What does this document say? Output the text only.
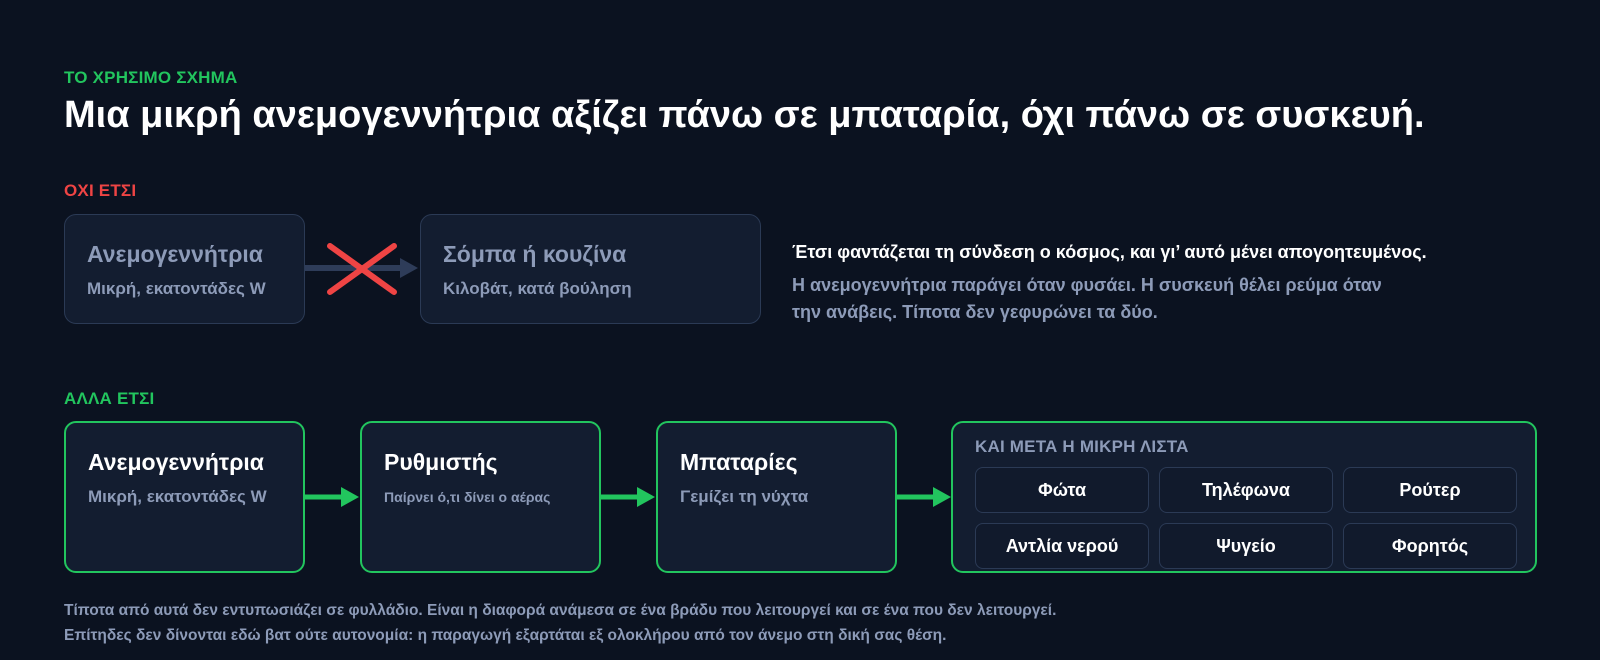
ΤΟ ΧΡΗΣΙΜΟ ΣΧΗΜΑ
Μια μικρή ανεμογεννήτρια αξίζει πάνω σε μπαταρία, όχι πάνω σε συσκευή.
ΟΧΙ ΕΤΣΙ
Ανεμογεννήτρια
Μικρή, εκατοντάδες W
Σόμπα ή κουζίνα
Κιλοβάτ, κατά βούληση
Έτσι φαντάζεται τη σύνδεση ο κόσμος, και γι’ αυτό μένει απογοητευμένος.
Η ανεμογεννήτρια παράγει όταν φυσάει. Η συσκευή θέλει ρεύμα όταν την ανάβεις. Τίποτα δεν γεφυρώνει τα δύο.
ΑΛΛΑ ΕΤΣΙ
Ανεμογεννήτρια
Μικρή, εκατοντάδες W
Ρυθμιστής
Παίρνει ό,τι δίνει ο αέρας
Μπαταρίες
Γεμίζει τη νύχτα
ΚΑΙ ΜΕΤΑ Η ΜΙΚΡΗ ΛΙΣΤΑ
Φώτα	Τηλέφωνα	Ρούτερ
Αντλία νερού	Ψυγείο	Φορητός
Τίποτα από αυτά δεν εντυπωσιάζει σε φυλλάδιο. Είναι η διαφορά ανάμεσα σε ένα βράδυ που λειτουργεί και σε ένα που δεν λειτουργεί.
Επίτηδες δεν δίνονται εδώ βατ ούτε αυτονομία: η παραγωγή εξαρτάται εξ ολοκλήρου από τον άνεμο στη δική σας θέση.
